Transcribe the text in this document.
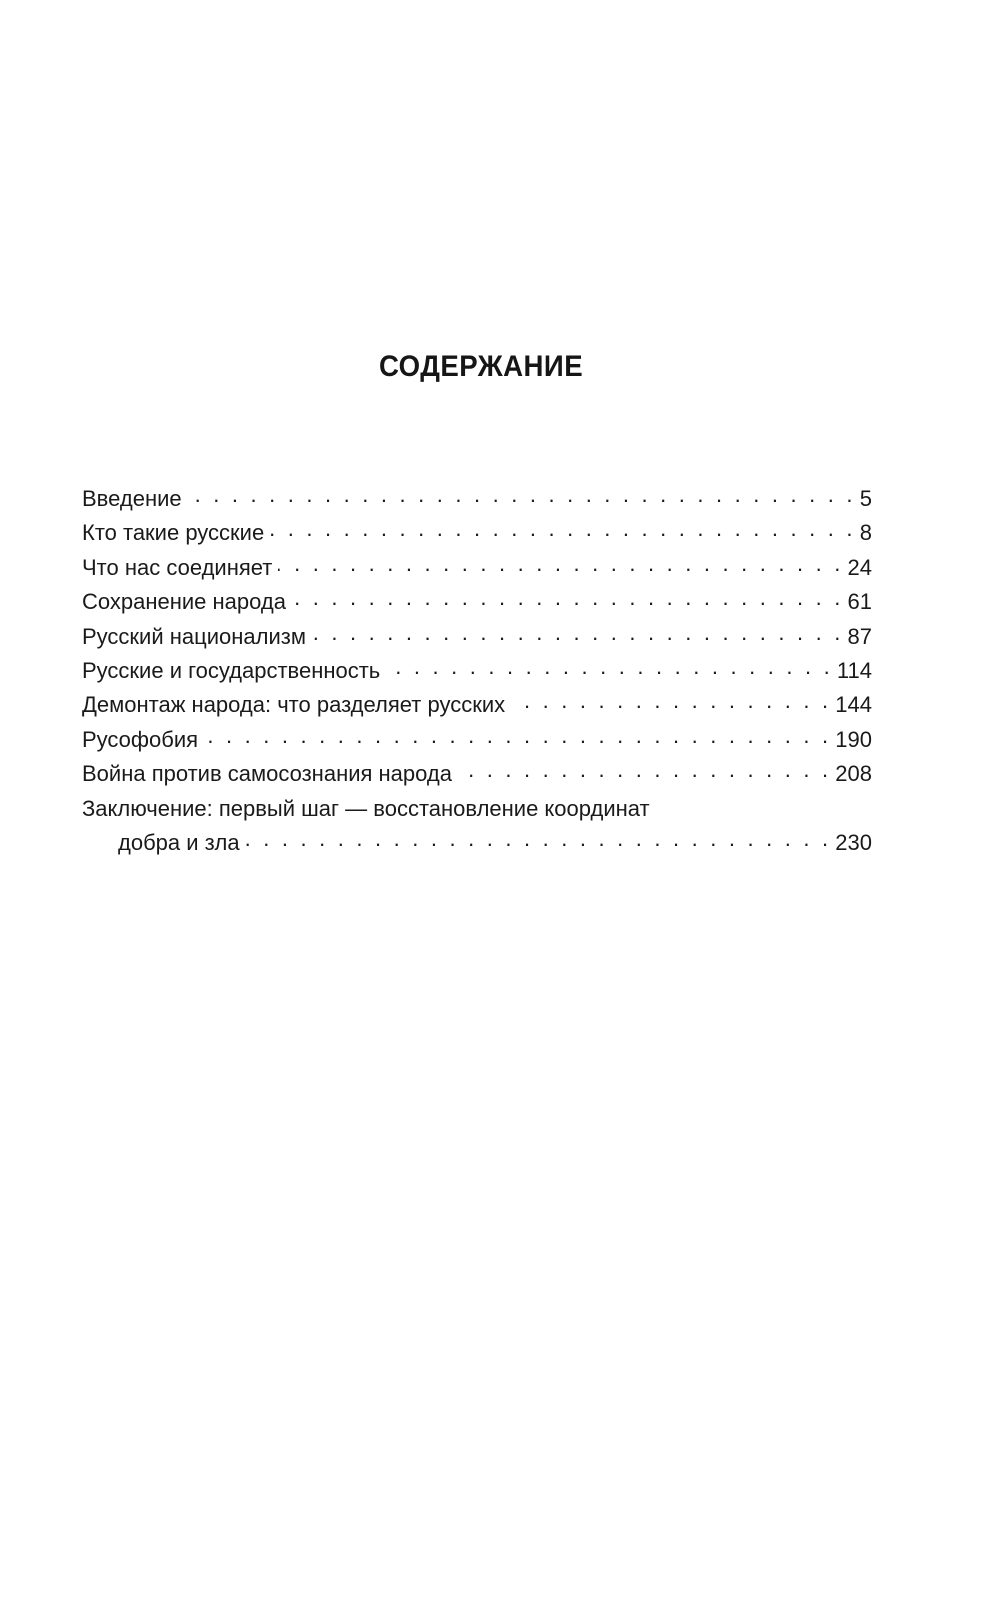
СОДЕРЖАНИЕ
Введение . . .	5
Кто такие русские . . .	8
Что нас соединяет . . .	24
Сохранение народа . . .	61
Русский национализм . . .	87
Русские и государственность . . .	114
Демонтаж народа: что разделяет русских . . .	144
Русофобия . . .	190
Война против самосознания народа . . .	208
Заключение: первый шаг — восстановление координат
добра и зла . . .	230
